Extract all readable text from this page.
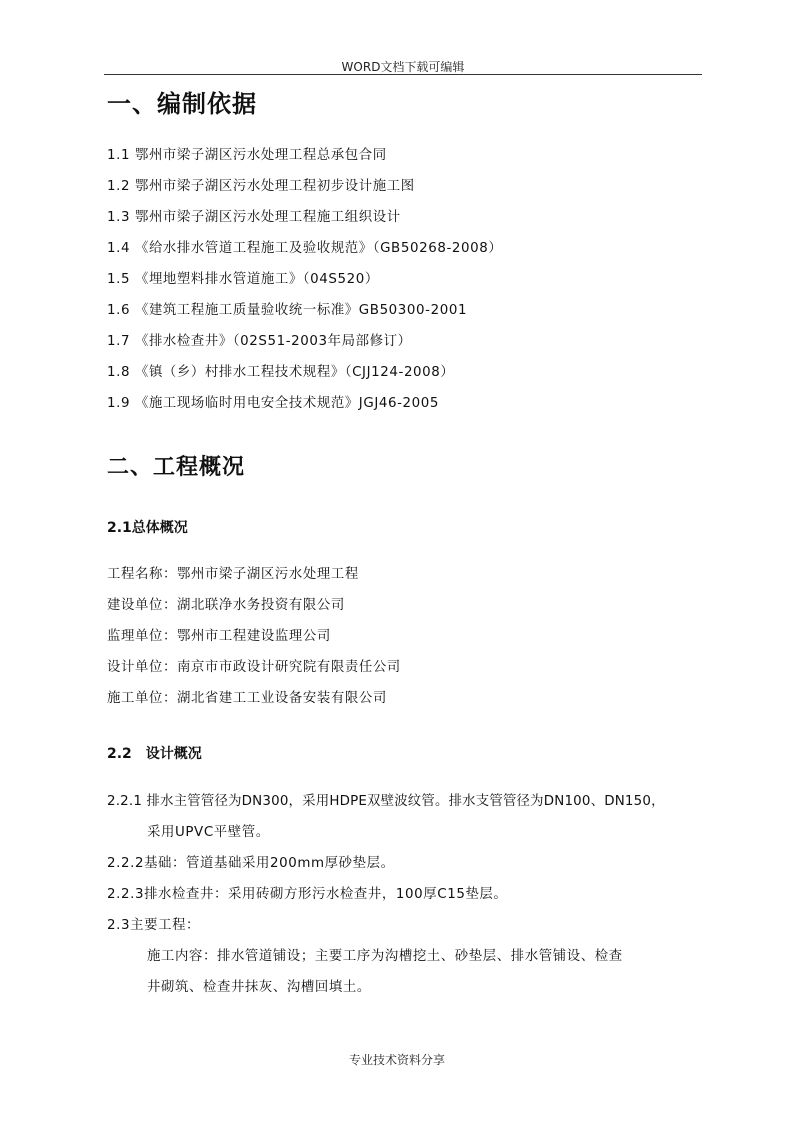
WORD文档下载可编辑
一、编制依据
1.1 鄂州市梁子湖区污水处理工程总承包合同
1.2 鄂州市梁子湖区污水处理工程初步设计施工图
1.3 鄂州市梁子湖区污水处理工程施工组织设计
1.4 《给水排水管道工程施工及验收规范》（GB50268-2008）
1.5 《埋地塑料排水管道施工》（04S520）
1.6 《建筑工程施工质量验收统一标准》GB50300-2001
1.7 《排水检查井》（02S51-2003年局部修订）
1.8 《镇（乡）村排水工程技术规程》（CJJ124-2008）
1.9 《施工现场临时用电安全技术规范》JGJ46-2005
二、工程概况
2.1总体概况
工程名称：鄂州市梁子湖区污水处理工程
建设单位：湖北联净水务投资有限公司
监理单位：鄂州市工程建设监理公司
设计单位：南京市市政设计研究院有限责任公司
施工单位：湖北省建工工业设备安装有限公司
2.2　设计概况
2.2.1 排水主管管径为DN300，采用HDPE双壁波纹管。排水支管管径为DN100、DN150，
采用UPVC平壁管。
2.2.2基础：管道基础采用200mm厚砂垫层。
2.2.3排水检查井：采用砖砌方形污水检查井，100厚C15垫层。
2.3主要工程：
施工内容：排水管道铺设；主要工序为沟槽挖土、砂垫层、排水管铺设、检查
井砌筑、检查井抹灰、沟槽回填土。
专业技术资料分享
